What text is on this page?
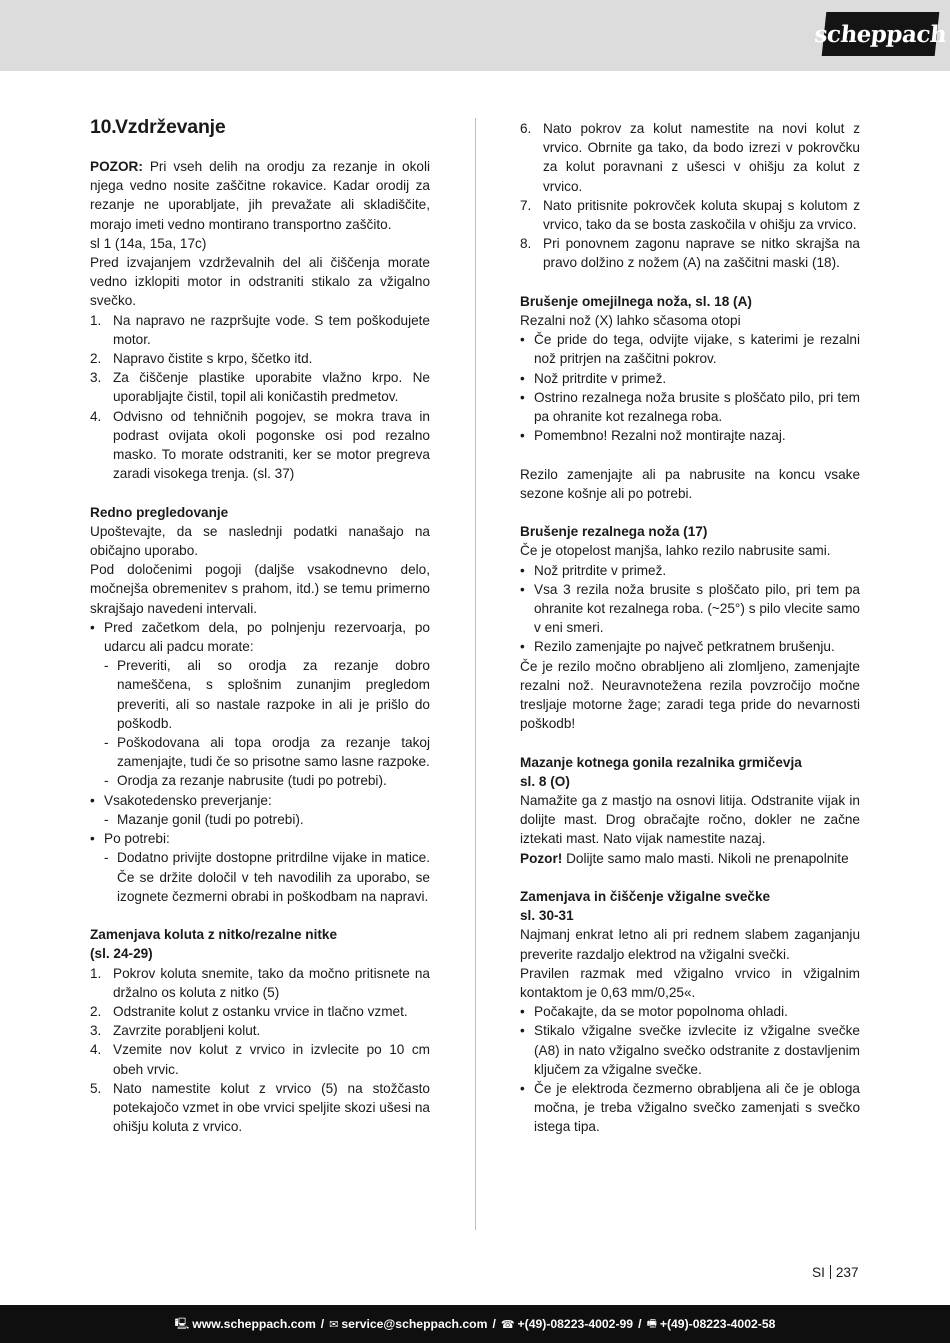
scheppach
10.Vzdrževanje
POZOR: Pri vseh delih na orodju za rezanje in okoli njega vedno nosite zaščitne rokavice. Kadar orodij za rezanje ne uporabljate, jih prevažate ali skladiščite, morajo imeti vedno montirano transportno zaščito.
sl 1 (14a, 15a, 17c)
Pred izvajanjem vzdrževalnih del ali čiščenja morate vedno izklopiti motor in odstraniti stikalo za vžigalno svečko.
1. Na napravo ne razpršujte vode. S tem poškodujete motor.
2. Napravo čistite s krpo, ščetko itd.
3. Za čiščenje plastike uporabite vlažno krpo. Ne uporabljajte čistil, topil ali koničastih predmetov.
4. Odvisno od tehničnih pogojev, se mokra trava in podrast ovijata okoli pogonske osi pod rezalno masko. To morate odstraniti, ker se motor pregreva zaradi visokega trenja. (sl. 37)
Redno pregledovanje
Upoštevajte, da se naslednji podatki nanašajo na običajno uporabo.
Pod določenimi pogoji (daljše vsakodnevno delo, močnejša obremenitev s prahom, itd.) se temu primerno skrajšajo navedeni intervali.
• Pred začetkom dela, po polnjenju rezervoarja, po udarcu ali padcu morate:
- Preveriti, ali so orodja za rezanje dobro nameščena, s splošnim zunanjim pregledom preveriti, ali so nastale razpoke in ali je prišlo do poškodb.
- Poškodovana ali topa orodja za rezanje takoj zamenjajte, tudi če so prisotne samo lasne razpoke.
- Orodja za rezanje nabrusite (tudi po potrebi).
• Vsakotedensko preverjanje:
- Mazanje gonil (tudi po potrebi).
• Po potrebi:
- Dodatno privijte dostopne pritrdilne vijake in matice. Če se držite določil v teh navodilih za uporabo, se izognete čezmerni obrabi in poškodbam na napravi.
Zamenjava koluta z nitko/rezalne nitke
(sl. 24-29)
1. Pokrov koluta snemite, tako da močno pritisnete na držalno os koluta z nitko (5)
2. Odstranite kolut z ostanku vrvice in tlačno vzmet.
3. Zavrzite porabljeni kolut.
4. Vzemite nov kolut z vrvico in izvlecite po 10 cm obeh vrvic.
5. Nato namestite kolut z vrvico (5) na stožčasto potekajočo vzmet in obe vrvici speljite skozi ušesi na ohišju koluta z vrvico.
6. Nato pokrov za kolut namestite na novi kolut z vrvico. Obrnite ga tako, da bodo izrezi v pokrovčku za kolut poravnani z ušesci v ohišju za kolut z vrvico.
7. Nato pritisnite pokrovček koluta skupaj s kolutom z vrvico, tako da se bosta zaskočila v ohišju za vrvico.
8. Pri ponovnem zagonu naprave se nitko skrajša na pravo dolžino z nožem (A) na zaščitni maski (18).
Brušenje omejilnega noža, sl. 18 (A)
Rezalni nož (X) lahko sčasoma otopi
• Če pride do tega, odvijte vijake, s katerimi je rezalni nož pritrjen na zaščitni pokrov.
• Nož pritrdite v primež.
• Ostrino rezalnega noža brusite s ploščato pilo, pri tem pa ohranite kot rezalnega roba.
• Pomembno! Rezalni nož montirajte nazaj.
Rezilo zamenjajte ali pa nabrusite na koncu vsake sezone košnje ali po potrebi.
Brušenje rezalnega noža (17)
Če je otopelost manjša, lahko rezilo nabrusite sami.
• Nož pritrdite v primež.
• Vsa 3 rezila noža brusite s ploščato pilo, pri tem pa ohranite kot rezalnega roba. (~25°) s pilo vlecite samo v eni smeri.
• Rezilo zamenjajte po največ petkratnem brušenju.
Če je rezilo močno obrabljeno ali zlomljeno, zamenjajte rezalni nož. Neuravnotežena rezila povzročijo močne tresljaje motorne žage; zaradi tega pride do nevarnosti poškodb!
Mazanje kotnega gonila rezalnika grmičevja
sl. 8 (O)
Namažite ga z mastjo na osnovi litija. Odstranite vijak in dolijte mast. Drog obračajte ročno, dokler ne začne iztekati mast. Nato vijak namestite nazaj.
Pozor! Dolijte samo malo masti. Nikoli ne prenapolnite
Zamenjava in čiščenje vžigalne svečke
sl. 30-31
Najmanj enkrat letno ali pri rednem slabem zaganjanju preverite razdaljo elektrod na vžigalni svečki.
Pravilen razmak med vžigalno vrvico in vžigalnim kontaktom je 0,63 mm/0,25«.
• Počakajte, da se motor popolnoma ohladi.
• Stikalo vžigalne svečke izvlecite iz vžigalne svečke (A8) in nato vžigalno svečko odstranite z dostavljenim ključem za vžigalne svečke.
• Če je elektroda čezmerno obrabljena ali če je obloga močna, je treba vžigalno svečko zamenjati s svečko istega tipa.
SI 237
🖳 www.scheppach.com / ✉ service@scheppach.com / ☎ +(49)-08223-4002-99 / 🖷 +(49)-08223-4002-58
